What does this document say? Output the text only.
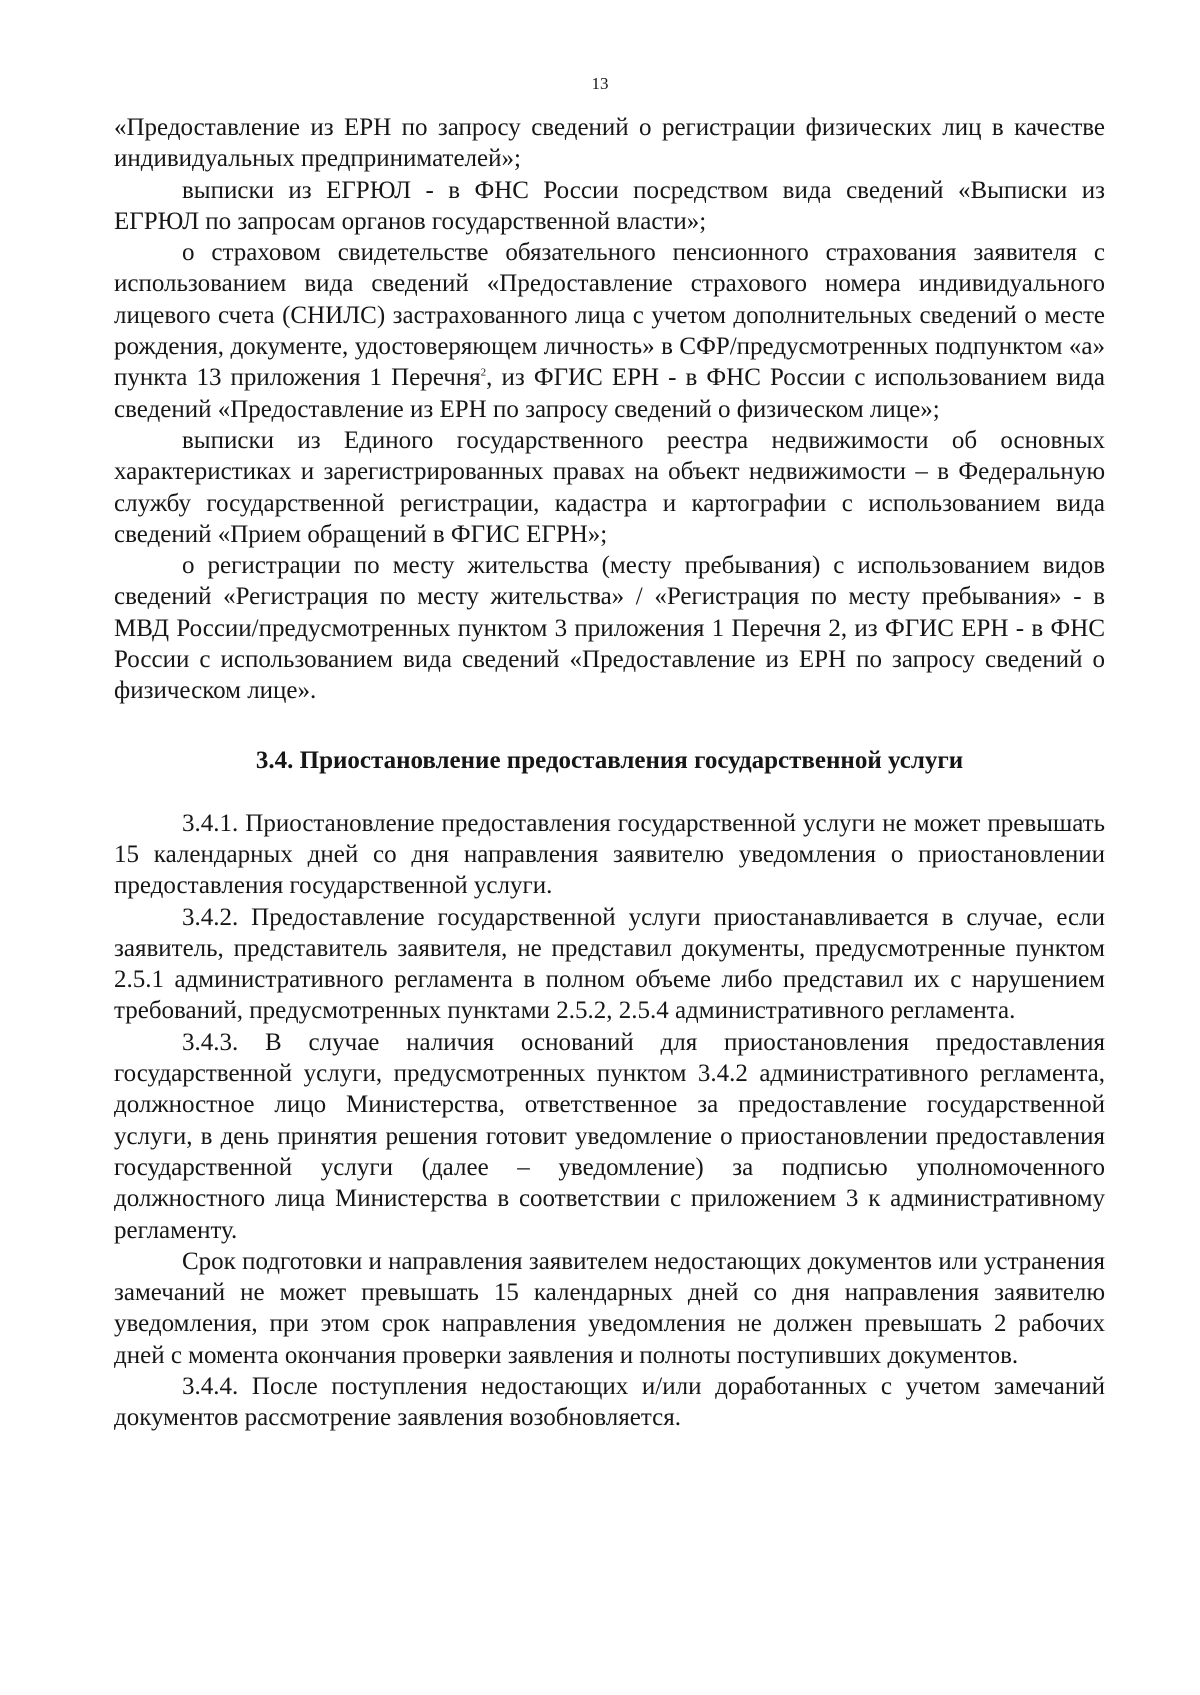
13

«Предоставление из ЕРН по запросу сведений о регистрации физических лиц в качестве индивидуальных предпринимателей»;

выписки из ЕГРЮЛ - в ФНС России посредством вида сведений «Выписки из ЕГРЮЛ по запросам органов государственной власти»;

о страховом свидетельстве обязательного пенсионного страхования заявителя с использованием вида сведений «Предоставление страхового номера индивидуального лицевого счета (СНИЛС) застрахованного лица с учетом дополнительных сведений о месте рождения, документе, удостоверяющем личность» в СФР/предусмотренных подпунктом «а» пункта 13 приложения 1 Перечня$^2$, из ФГИС ЕРН - в ФНС России с использованием вида сведений «Предоставление из ЕРН по запросу сведений о физическом лице»;

выписки из Единого государственного реестра недвижимости об основных характеристиках и зарегистрированных правах на объект недвижимости – в Федеральную службу государственной регистрации, кадастра и картографии с использованием вида сведений «Прием обращений в ФГИС ЕГРН»;

о регистрации по месту жительства (месту пребывания) с использованием видов сведений «Регистрация по месту жительства» / «Регистрация по месту пребывания» - в МВД России/предусмотренных пунктом 3 приложения 1 Перечня 2, из ФГИС ЕРН - в ФНС России с использованием вида сведений «Предоставление из ЕРН по запросу сведений о физическом лице».

3.4. Приостановление предоставления государственной услуги

3.4.1. Приостановление предоставления государственной услуги не может превышать 15 календарных дней со дня направления заявителю уведомления о приостановлении предоставления государственной услуги.

3.4.2. Предоставление государственной услуги приостанавливается в случае, если заявитель, представитель заявителя, не представил документы, предусмотренные пунктом 2.5.1 административного регламента в полном объеме либо представил их с нарушением требований, предусмотренных пунктами 2.5.2, 2.5.4 административного регламента.

3.4.3. В случае наличия оснований для приостановления предоставления государственной услуги, предусмотренных пунктом 3.4.2 административного регламента, должностное лицо Министерства, ответственное за предоставление государственной услуги, в день принятия решения готовит уведомление о приостановлении предоставления государственной услуги (далее – уведомление) за подписью уполномоченного должностного лица Министерства в соответствии с приложением 3 к административному регламенту.

Срок подготовки и направления заявителем недостающих документов или устранения замечаний не может превышать 15 календарных дней со дня направления заявителю уведомления, при этом срок направления уведомления не должен превышать 2 рабочих дней с момента окончания проверки заявления и полноты поступивших документов.

3.4.4. После поступления недостающих и/или доработанных с учетом замечаний документов рассмотрение заявления возобновляется.
